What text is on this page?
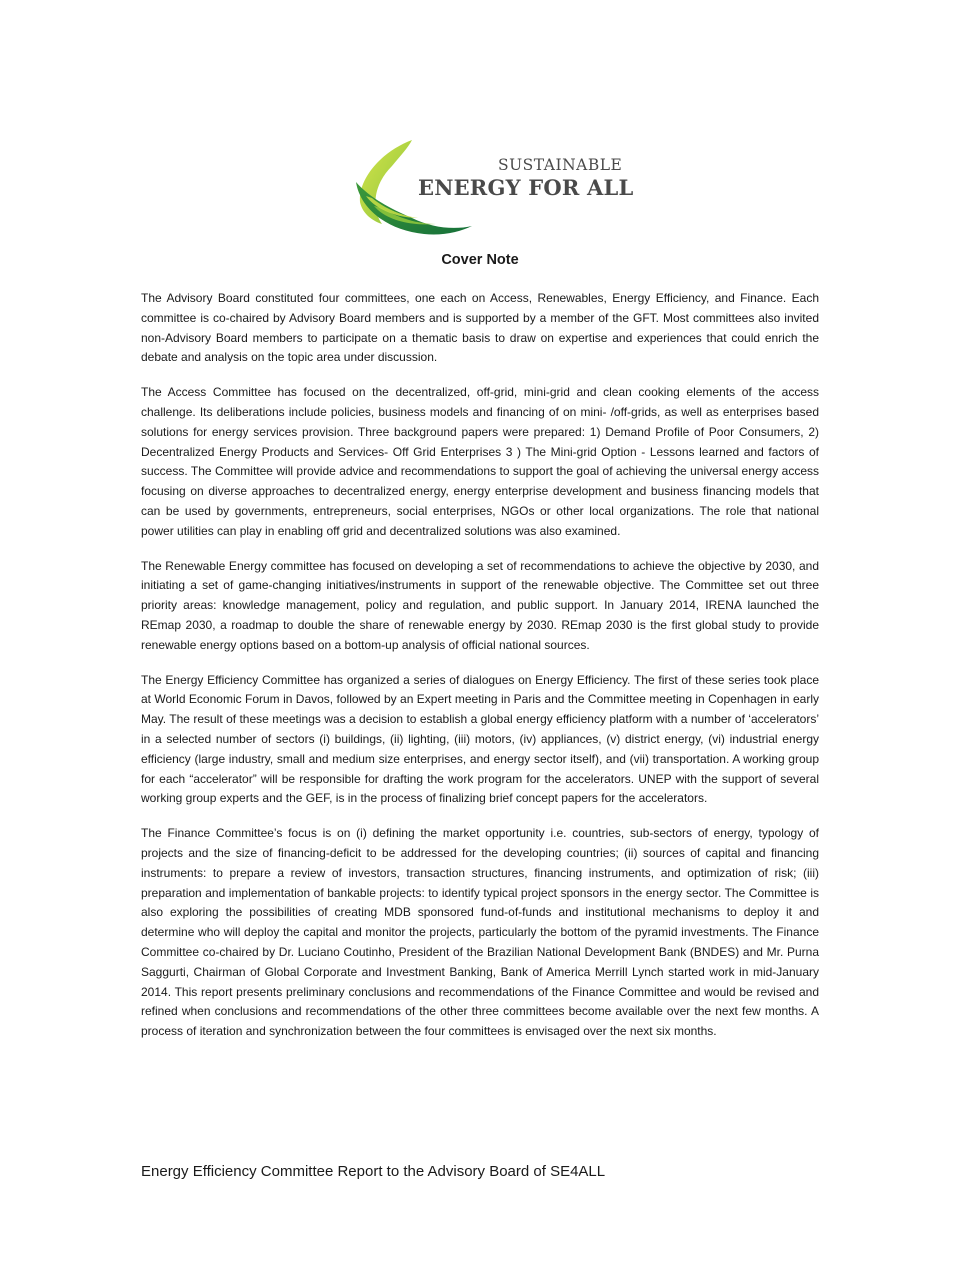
SUSTAINABLE
ENERGY FOR ALL
Cover Note

The Advisory Board constituted four committees, one each on Access, Renewables, Energy Efficiency, and Finance. Each committee is co-chaired by Advisory Board members and is supported by a member of the GFT. Most committees also invited non-Advisory Board members to participate on a thematic basis to draw on expertise and experiences that could enrich the debate and analysis on the topic area under discussion.

The Access Committee has focused on the decentralized, off-grid, mini-grid and clean cooking elements of the access challenge. Its deliberations include policies, business models and financing of on mini- /off-grids, as well as enterprises based solutions for energy services provision. Three background papers were prepared: 1) Demand Profile of Poor Consumers, 2) Decentralized Energy Products and Services- Off Grid Enterprises 3 ) The Mini-grid Option - Lessons learned and factors of success. The Committee will provide advice and recommendations to support the goal of achieving the universal energy access focusing on diverse approaches to decentralized energy, energy enterprise development and business financing models that can be used by governments, entrepreneurs, social enterprises, NGOs or other local organizations. The role that national power utilities can play in enabling off grid and decentralized solutions was also examined.

The Renewable Energy committee has focused on developing a set of recommendations to achieve the objective by 2030, and initiating a set of game-changing initiatives/instruments in support of the renewable objective. The Committee set out three priority areas: knowledge management, policy and regulation, and public support. In January 2014, IRENA launched the REmap 2030, a roadmap to double the share of renewable energy by 2030. REmap 2030 is the first global study to provide renewable energy options based on a bottom-up analysis of official national sources.

The Energy Efficiency Committee has organized a series of dialogues on Energy Efficiency. The first of these series took place at World Economic Forum in Davos, followed by an Expert meeting in Paris and the Committee meeting in Copenhagen in early May. The result of these meetings was a decision to establish a global energy efficiency platform with a number of ‘accelerators’ in a selected number of sectors (i) buildings, (ii) lighting, (iii) motors, (iv) appliances, (v) district energy, (vi) industrial energy efficiency (large industry, small and medium size enterprises, and energy sector itself), and (vii) transportation. A working group for each “accelerator” will be responsible for drafting the work program for the accelerators. UNEP with the support of several working group experts and the GEF, is in the process of finalizing brief concept papers for the accelerators.

The Finance Committee’s focus is on (i) defining the market opportunity i.e. countries, sub-sectors of energy, typology of projects and the size of financing-deficit to be addressed for the developing countries; (ii) sources of capital and financing instruments: to prepare a review of investors, transaction structures, financing instruments, and optimization of risk; (iii) preparation and implementation of bankable projects: to identify typical project sponsors in the energy sector. The Committee is also exploring the possibilities of creating MDB sponsored fund-of-funds and institutional mechanisms to deploy it and determine who will deploy the capital and monitor the projects, particularly the bottom of the pyramid investments. The Finance Committee co-chaired by Dr. Luciano Coutinho, President of the Brazilian National Development Bank (BNDES) and Mr. Purna Saggurti, Chairman of Global Corporate and Investment Banking, Bank of America Merrill Lynch started work in mid-January 2014. This report presents preliminary conclusions and recommendations of the Finance Committee and would be revised and refined when conclusions and recommendations of the other three committees become available over the next few months. A process of iteration and synchronization between the four committees is envisaged over the next six months.

Energy Efficiency Committee Report to the Advisory Board of SE4ALL
